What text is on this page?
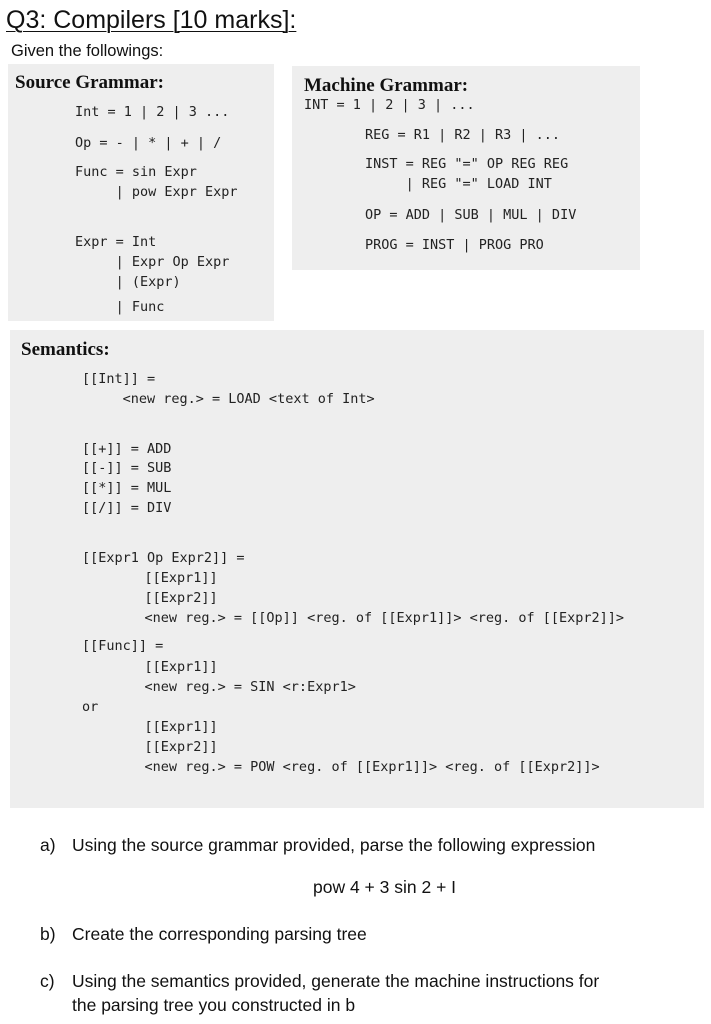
Q3: Compilers [10 marks]:
Given the followings:
Source Grammar:
Int = 1 | 2 | 3 ...
Op = - | * | + | /
Func = sin Expr
| pow Expr Expr
Expr = Int
| Expr Op Expr
| (Expr)
| Func
Machine Grammar:
INT = 1 | 2 | 3 | ...
REG = R1 | R2 | R3 | ...
INST = REG "=" OP REG REG
| REG "=" LOAD INT
OP = ADD | SUB | MUL | DIV
PROG = INST | PROG PRO
Semantics:
[[Int]] =
<new reg.> = LOAD <text of Int>
[[+]] = ADD
[[-]] = SUB
[[*]] = MUL
[[/]] = DIV
[[Expr1 Op Expr2]] =
[[Expr1]]
[[Expr2]]
<new reg.> = [[Op]] <reg. of [[Expr1]]> <reg. of [[Expr2]]>
[[Func]] =
[[Expr1]]
<new reg.> = SIN <r:Expr1>
or
[[Expr1]]
[[Expr2]]
<new reg.> = POW <reg. of [[Expr1]]> <reg. of [[Expr2]]>
a) Using the source grammar provided, parse the following expression
pow 4 + 3 sin 2 + I
b) Create the corresponding parsing tree
c) Using the semantics provided, generate the machine instructions for
the parsing tree you constructed in b
